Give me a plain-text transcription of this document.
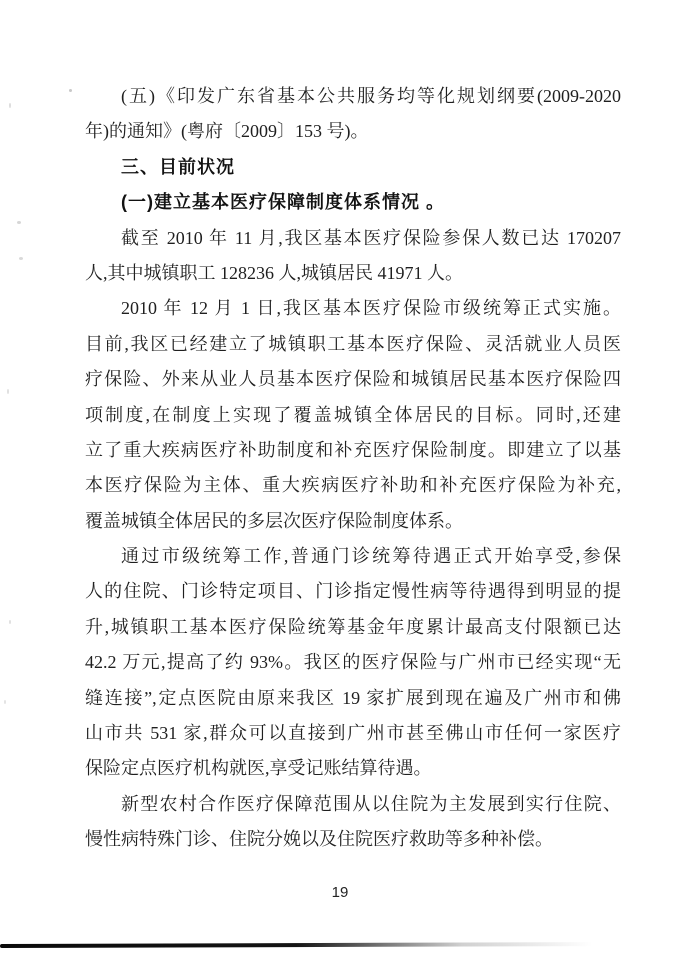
(五)《印发广东省基本公共服务均等化规划纲要(2009-2020
年)的通知》(粤府〔2009〕153 号)。
三、目前状况
(一)建立基本医疗保障制度体系情况 。
截至 2010 年 11 月,我区基本医疗保险参保人数已达 170207
人,其中城镇职工 128236 人,城镇居民 41971 人。
2010 年 12 月 1 日,我区基本医疗保险市级统筹正式实施。
目前,我区已经建立了城镇职工基本医疗保险、灵活就业人员医
疗保险、外来从业人员基本医疗保险和城镇居民基本医疗保险四
项制度,在制度上实现了覆盖城镇全体居民的目标。同时,还建
立了重大疾病医疗补助制度和补充医疗保险制度。即建立了以基
本医疗保险为主体、重大疾病医疗补助和补充医疗保险为补充,
覆盖城镇全体居民的多层次医疗保险制度体系。
通过市级统筹工作,普通门诊统筹待遇正式开始享受,参保
人的住院、门诊特定项目、门诊指定慢性病等待遇得到明显的提
升,城镇职工基本医疗保险统筹基金年度累计最高支付限额已达
42.2 万元,提高了约 93%。我区的医疗保险与广州市已经实现“无
缝连接”,定点医院由原来我区 19 家扩展到现在遍及广州市和佛
山市共 531 家,群众可以直接到广州市甚至佛山市任何一家医疗
保险定点医疗机构就医,享受记账结算待遇。
新型农村合作医疗保障范围从以住院为主发展到实行住院、
慢性病特殊门诊、住院分娩以及住院医疗救助等多种补偿。
19
